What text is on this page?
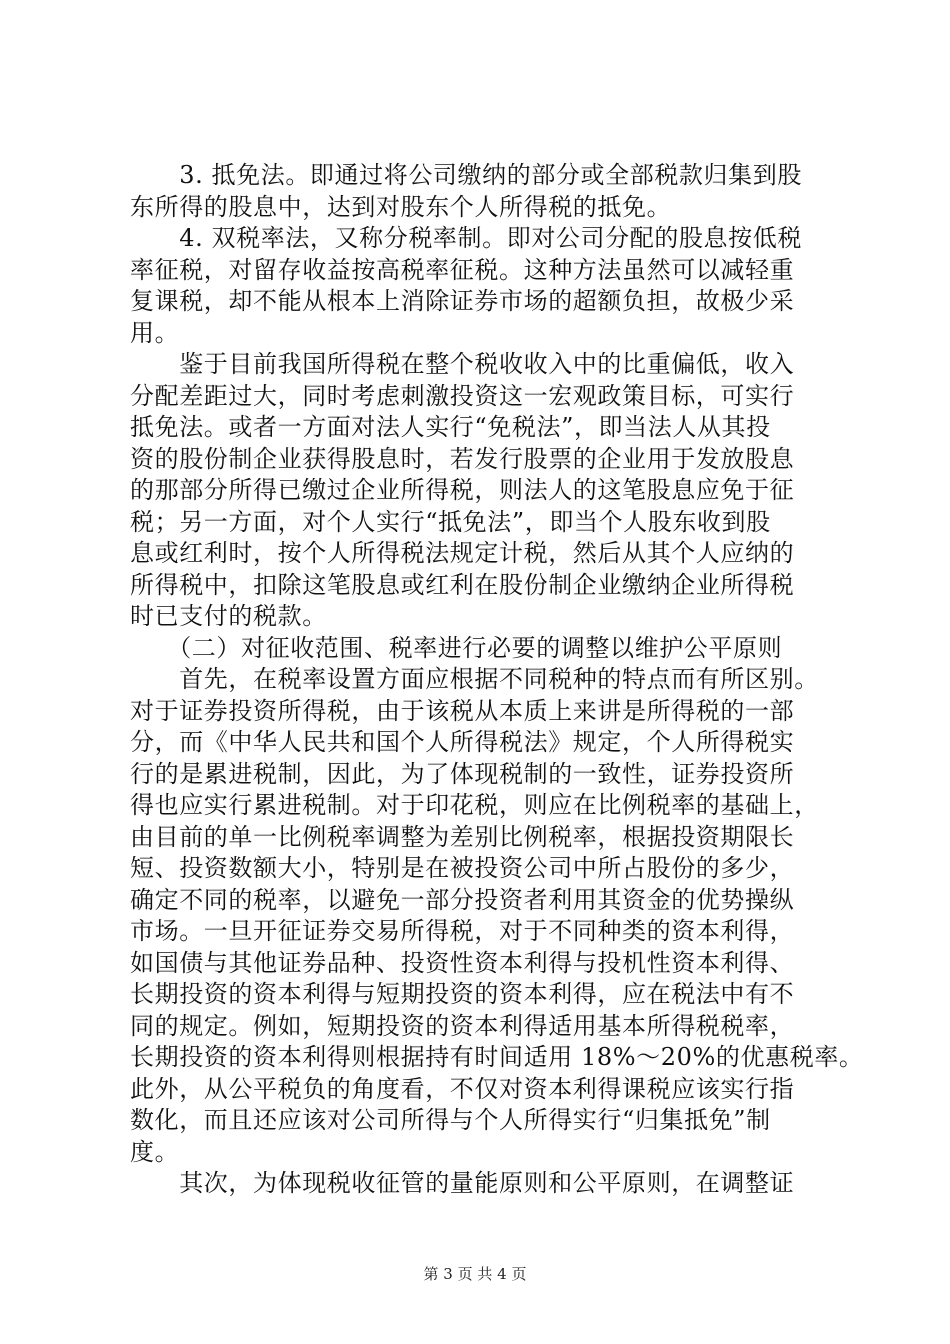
　　3. 抵免法。即通过将公司缴纳的部分或全部税款归集到股
东所得的股息中，达到对股东个人所得税的抵免。
　　4. 双税率法，又称分税率制。即对公司分配的股息按低税
率征税，对留存收益按高税率征税。这种方法虽然可以减轻重
复课税，却不能从根本上消除证券市场的超额负担，故极少采
用。
　　鉴于目前我国所得税在整个税收收入中的比重偏低，收入
分配差距过大，同时考虑刺激投资这一宏观政策目标，可实行
抵免法。或者一方面对法人实行“免税法”，即当法人从其投
资的股份制企业获得股息时，若发行股票的企业用于发放股息
的那部分所得已缴过企业所得税，则法人的这笔股息应免于征
税；另一方面，对个人实行“抵免法”，即当个人股东收到股
息或红利时，按个人所得税法规定计税，然后从其个人应纳的
所得税中，扣除这笔股息或红利在股份制企业缴纳企业所得税
时已支付的税款。
　　（二）对征收范围、税率进行必要的调整以维护公平原则
　　首先，在税率设置方面应根据不同税种的特点而有所区别。
对于证券投资所得税，由于该税从本质上来讲是所得税的一部
分，而《中华人民共和国个人所得税法》规定，个人所得税实
行的是累进税制，因此，为了体现税制的一致性，证券投资所
得也应实行累进税制。对于印花税，则应在比例税率的基础上，
由目前的单一比例税率调整为差别比例税率，根据投资期限长
短、投资数额大小，特别是在被投资公司中所占股份的多少，
确定不同的税率，以避免一部分投资者利用其资金的优势操纵
市场。一旦开征证券交易所得税，对于不同种类的资本利得，
如国债与其他证券品种、投资性资本利得与投机性资本利得、
长期投资的资本利得与短期投资的资本利得，应在税法中有不
同的规定。例如，短期投资的资本利得适用基本所得税税率，
长期投资的资本利得则根据持有时间适用 18%～20%的优惠税率。
此外，从公平税负的角度看，不仅对资本利得课税应该实行指
数化，而且还应该对公司所得与个人所得实行“归集抵免”制
度。
　　其次，为体现税收征管的量能原则和公平原则，在调整证
第 3 页 共 4 页
